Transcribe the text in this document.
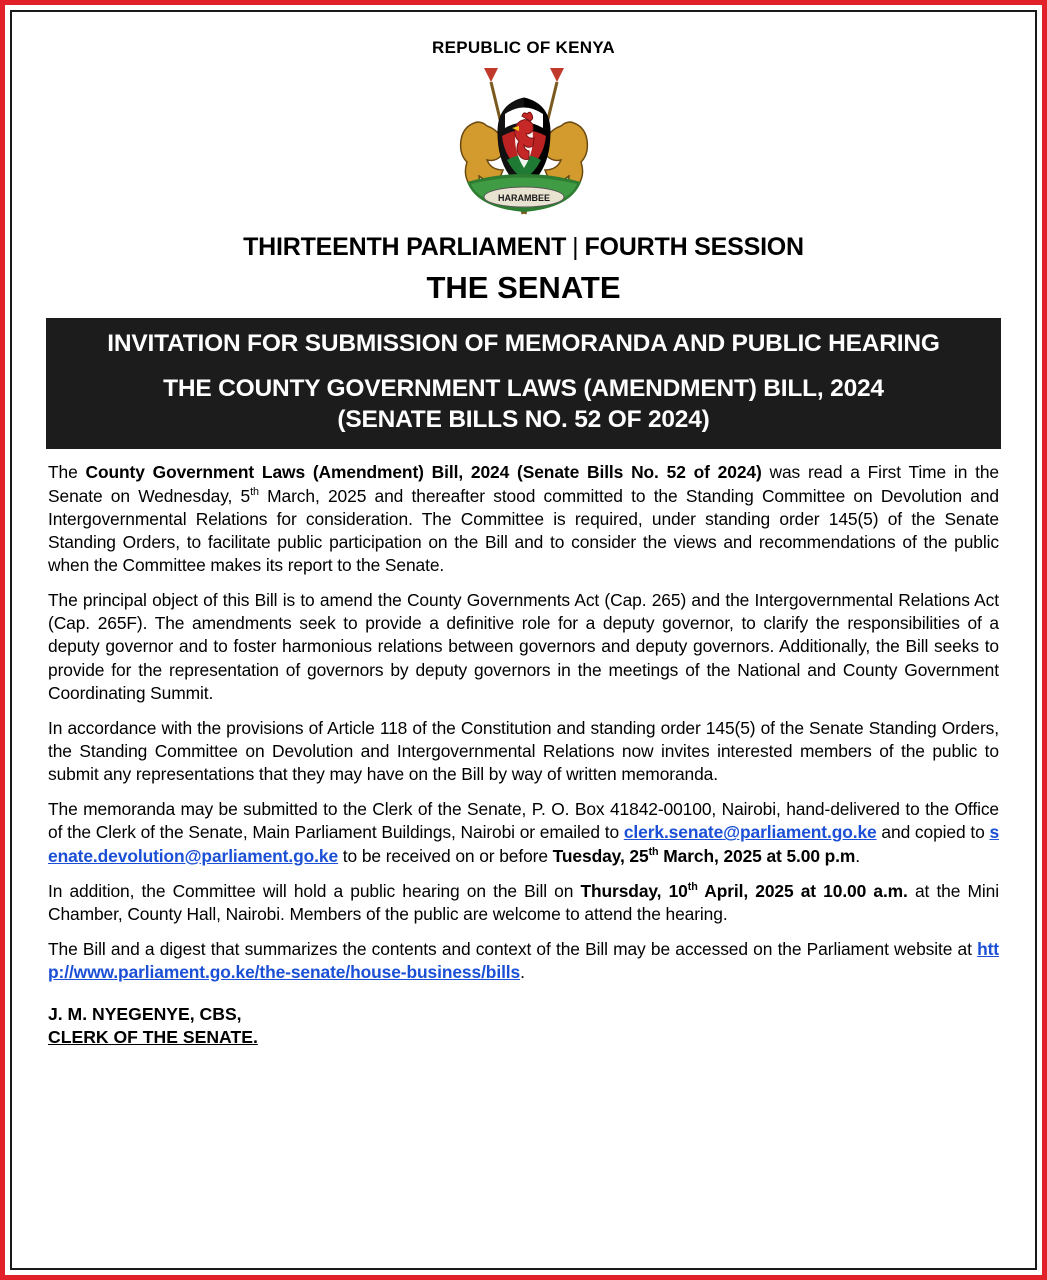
REPUBLIC OF KENYA
HARAMBEE
THIRTEENTH PARLIAMENT | FOURTH SESSION
THE SENATE
INVITATION FOR SUBMISSION OF MEMORANDA AND PUBLIC HEARING
THE COUNTY GOVERNMENT LAWS (AMENDMENT) BILL, 2024
(SENATE BILLS NO. 52 OF 2024)

The County Government Laws (Amendment) Bill, 2024 (Senate Bills No. 52 of 2024) was read a First Time in the Senate on Wednesday, 5th March, 2025 and thereafter stood committed to the Standing Committee on Devolution and Intergovernmental Relations for consideration. The Committee is required, under standing order 145(5) of the Senate Standing Orders, to facilitate public participation on the Bill and to consider the views and recommendations of the public when the Committee makes its report to the Senate.

The principal object of this Bill is to amend the County Governments Act (Cap. 265) and the Intergovernmental Relations Act (Cap. 265F). The amendments seek to provide a definitive role for a deputy governor, to clarify the responsibilities of a deputy governor and to foster harmonious relations between governors and deputy governors. Additionally, the Bill seeks to provide for the representation of governors by deputy governors in the meetings of the National and County Government Coordinating Summit.

In accordance with the provisions of Article 118 of the Constitution and standing order 145(5) of the Senate Standing Orders, the Standing Committee on Devolution and Intergovernmental Relations now invites interested members of the public to submit any representations that they may have on the Bill by way of written memoranda.

The memoranda may be submitted to the Clerk of the Senate, P. O. Box 41842-00100, Nairobi, hand-delivered to the Office of the Clerk of the Senate, Main Parliament Buildings, Nairobi or emailed to clerk.senate@parliament.go.ke and copied to senate.devolution@parliament.go.ke to be received on or before Tuesday, 25th March, 2025 at 5.00 p.m.

In addition, the Committee will hold a public hearing on the Bill on Thursday, 10th April, 2025 at 10.00 a.m. at the Mini Chamber, County Hall, Nairobi. Members of the public are welcome to attend the hearing.

The Bill and a digest that summarizes the contents and context of the Bill may be accessed on the Parliament website at http://www.parliament.go.ke/the-senate/house-business/bills.

J. M. NYEGENYE, CBS,
CLERK OF THE SENATE.
